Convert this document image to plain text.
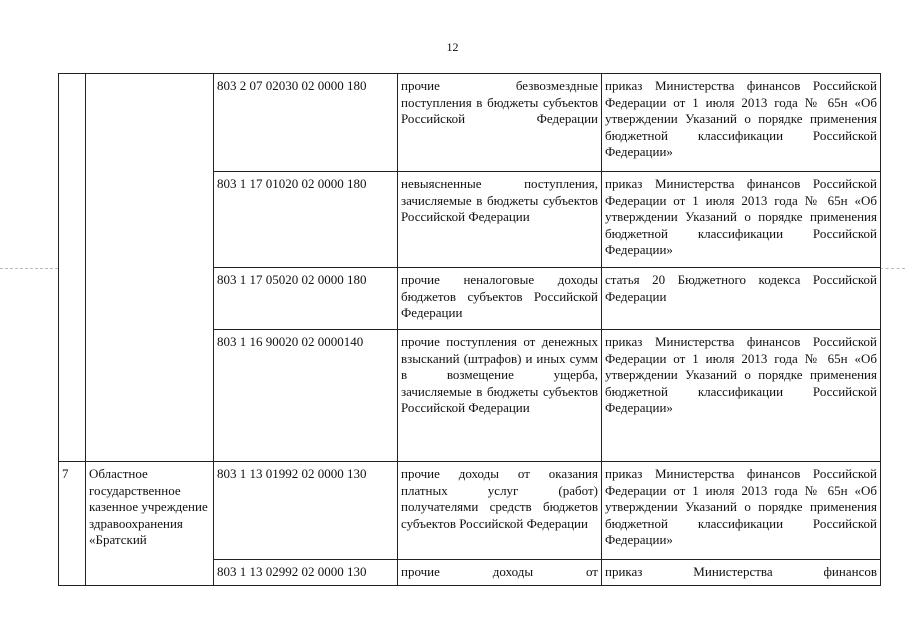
12
		803 2 07 02030 02 0000 180	прочие безвозмездные поступления в бюджеты субъектов Российской Федерации	приказ Министерства финансов Российской Федерации от 1 июля 2013 года № 65н «Об утверждении Указаний о порядке применения бюджетной классификации Российской Федерации»
		803 1 17 01020 02 0000 180	невыясненные поступления, зачисляемые в бюджеты субъектов Российской Федерации	приказ Министерства финансов Российской Федерации от 1 июля 2013 года № 65н «Об утверждении Указаний о порядке применения бюджетной классификации Российской Федерации»
		803 1 17 05020 02 0000 180	прочие неналоговые доходы бюджетов субъектов Российской Федерации	статья 20 Бюджетного кодекса Российской Федерации
		803 1 16 90020 02 0000140	прочие поступления от денежных взысканий (штрафов) и иных сумм в возмещение ущерба, зачисляемые в бюджеты субъектов Российской Федерации	приказ Министерства финансов Российской Федерации от 1 июля 2013 года № 65н «Об утверждении Указаний о порядке применения бюджетной классификации Российской Федерации»
7	Областное государственное казенное учреждение здравоохранения «Братский	803 1 13 01992 02 0000 130	прочие доходы от оказания платных услуг (работ) получателями средств бюджетов субъектов Российской Федерации	приказ Министерства финансов Российской Федерации от 1 июля 2013 года № 65н «Об утверждении Указаний о порядке применения бюджетной классификации Российской Федерации»
		803 1 13 02992 02 0000 130	прочие доходы от	приказ Министерства финансов
